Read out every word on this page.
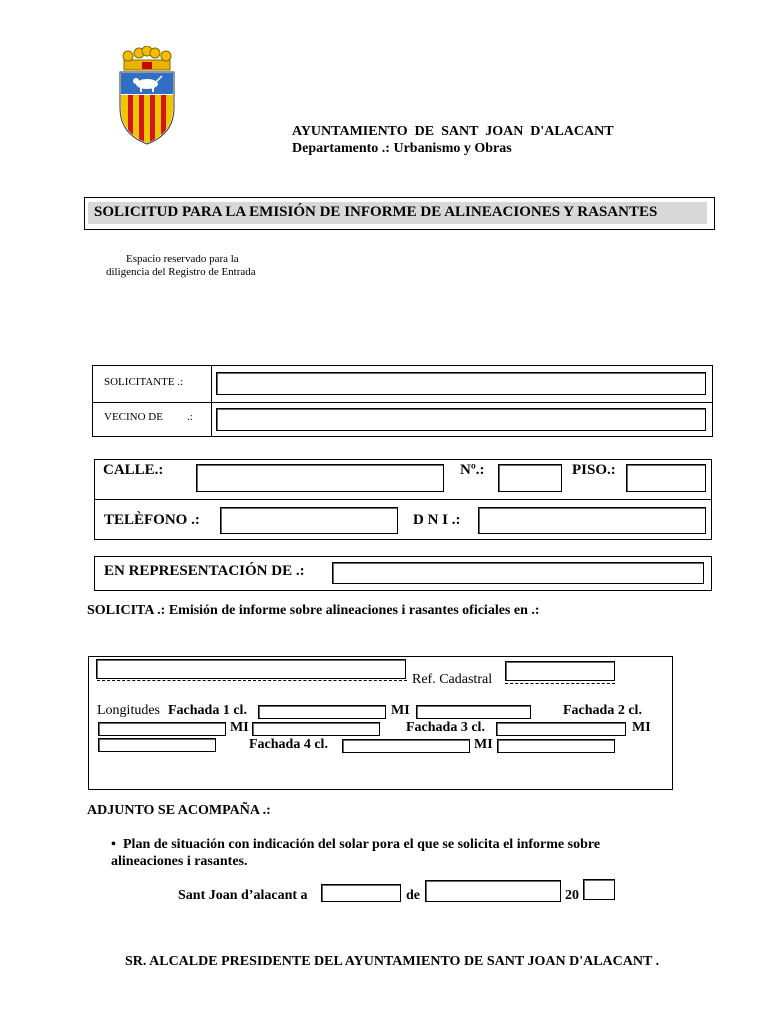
AYUNTAMIENTO  DE  SANT  JOAN  D'ALACANT
Departamento .: Urbanismo y Obras
SOLICITUD PARA LA EMISIÓN DE INFORME DE ALINEACIONES Y RASANTES
Espacio reservado para la
diligencia del Registro de Entrada
SOLICITANTE .:
VECINO DE .:
CALLE.:	Nº.:	PISO.:
TELÈFONO .:	D N I .:
EN REPRESENTACIÓN DE .:
SOLICITA .: Emisión de informe sobre alineaciones i rasantes oficiales en .:
Ref. Cadastral
Longitudes Fachada 1 cl.	MI	Fachada 2 cl.
MI	Fachada 3 cl.	MI
Fachada 4 cl.	MI
ADJUNTO SE ACOMPAÑA .:
• Plan de situación con indicación del solar pora el que se solicita el informe sobre
alineaciones i rasantes.
Sant Joan d’alacant a	de	20
SR. ALCALDE PRESIDENTE DEL AYUNTAMIENTO DE SANT JOAN D'ALACANT .
